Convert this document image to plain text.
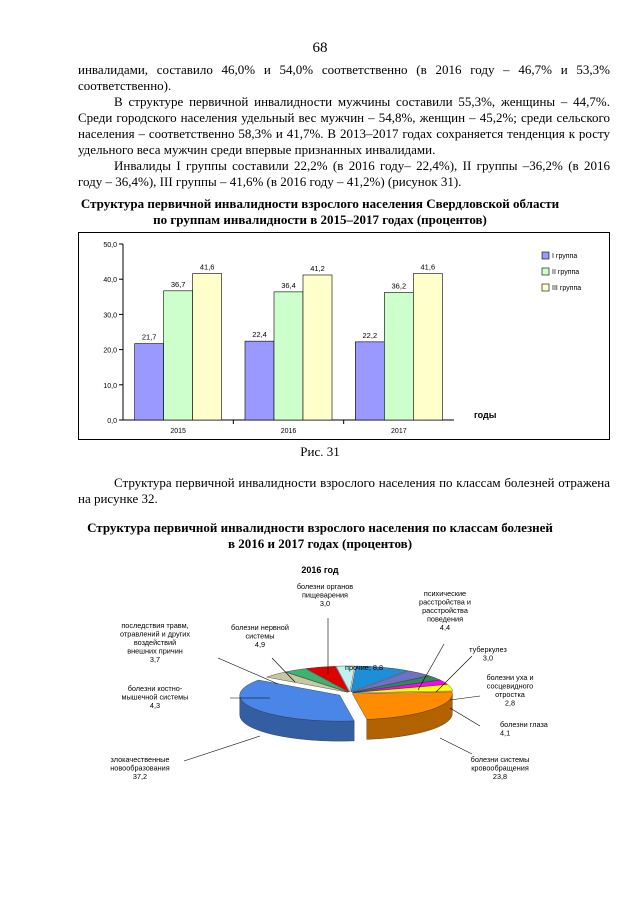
68

инвалидами, составило 46,0% и 54,0% соответственно (в 2016 году – 46,7% и 53,3% соответственно).

В структуре первичной инвалидности мужчины составили 55,3%, женщины – 44,7%. Среди городского населения удельный вес мужчин – 54,8%, женщин – 45,2%; среди сельского населения – соответственно 58,3% и 41,7%. В 2013–2017 годах сохраняется тенденция к росту удельного веса мужчин среди впервые признанных инвалидами.

Инвалиды I группы составили 22,2% (в 2016 году– 22,4%), II группы –36,2% (в 2016 году – 36,4%), III группы – 41,6% (в 2016 году – 41,2%) (рисунок 31).

Структура первичной инвалидности взрослого населения Свердловской области
по группам инвалидности в 2015–2017 годах (процентов)
0,0
10,0
20,0
30,0
40,0
50,0
21,7
36,7
41,6
2015
22,4
36,4
41,2
2016
22,2
36,2
41,6
2017
годы
I группа
II группа
III группа
Рис. 31

Структура первичной инвалидности взрослого населения по классам болезней отражена на рисунке 32.

Структура первичной инвалидности взрослого населения по классам болезней
в 2016 и 2017 годах (процентов)
2016 год
прочие; 8,8
психические расстройства и расстройства поведения 4,4
туберкулез 3,0
болезни уха и сосцевидного отростка 2,8
болезни глаза 4,1
болезни системы кровообращения 23,8
злокачественные новообразования 37,2
болезни костно-мышечной системы 4,3
последствия травм, отравлений и других воздействий внешних причин 3,7
болезни нервной системы 4,9
болезни органов пищеварения 3,0
